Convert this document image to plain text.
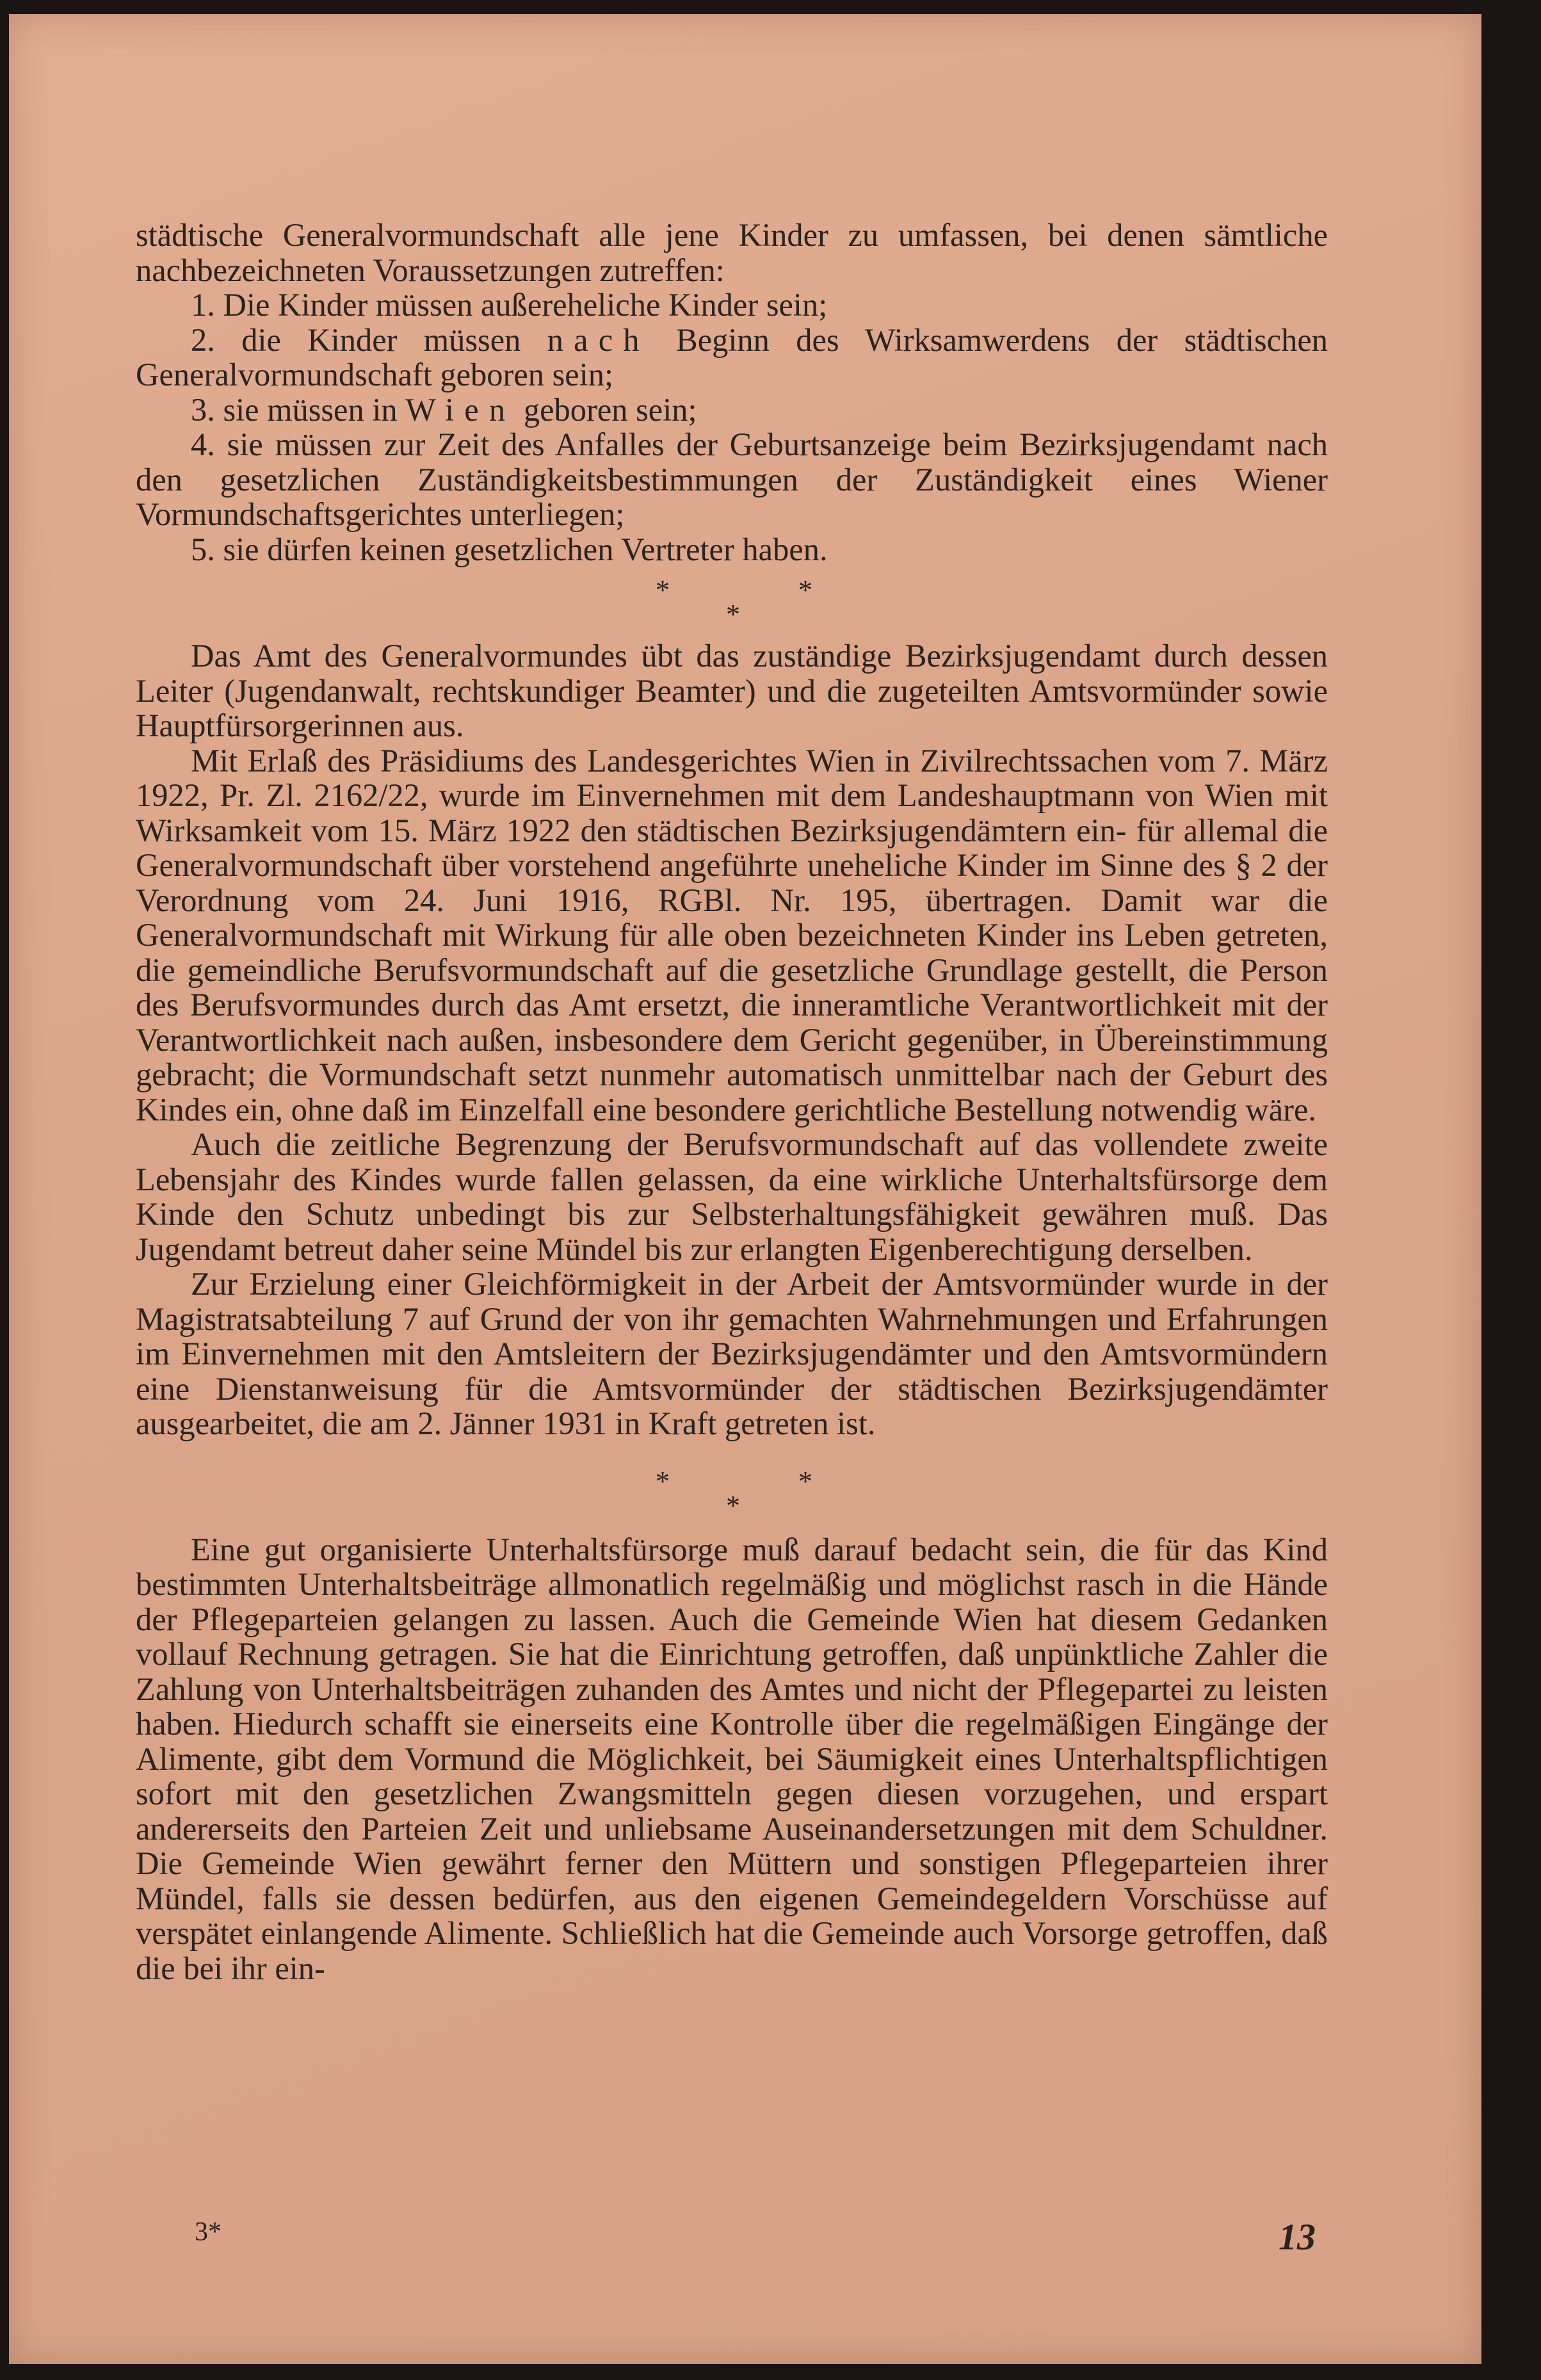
städtische Generalvormundschaft alle jene Kinder zu umfassen, bei denen sämtliche nachbezeichneten Voraussetzungen zutreffen:

1. Die Kinder müssen außereheliche Kinder sein;

2. die Kinder müssen nach Beginn des Wirksamwerdens der städtischen Generalvormundschaft geboren sein;

3. sie müssen in Wien geboren sein;

4. sie müssen zur Zeit des Anfalles der Geburtsanzeige beim Bezirksjugendamt nach den gesetzlichen Zuständigkeitsbestimmungen der Zuständigkeit eines Wiener Vormundschaftsgerichtes unterliegen;

5. sie dürfen keinen gesetzlichen Vertreter haben.

*	*
*

Das Amt des Generalvormundes übt das zuständige Bezirksjugendamt durch dessen Leiter (Jugendanwalt, rechtskundiger Beamter) und die zugeteilten Amtsvormünder sowie Hauptfürsorgerinnen aus.

Mit Erlaß des Präsidiums des Landesgerichtes Wien in Zivilrechtssachen vom 7. März 1922, Pr. Zl. 2162/22, wurde im Einvernehmen mit dem Landeshauptmann von Wien mit Wirksamkeit vom 15. März 1922 den städtischen Bezirksjugendämtern ein- für allemal die Generalvormundschaft über vorstehend angeführte uneheliche Kinder im Sinne des § 2 der Verordnung vom 24. Juni 1916, RGBl. Nr. 195, übertragen. Damit war die Generalvormundschaft mit Wirkung für alle oben bezeichneten Kinder ins Leben getreten, die gemeindliche Berufsvormundschaft auf die gesetzliche Grundlage gestellt, die Person des Berufsvormundes durch das Amt ersetzt, die inneramtliche Verantwortlichkeit mit der Verantwortlichkeit nach außen, insbesondere dem Gericht gegenüber, in Übereinstimmung gebracht; die Vormundschaft setzt nunmehr automatisch unmittelbar nach der Geburt des Kindes ein, ohne daß im Einzelfall eine besondere gerichtliche Bestellung notwendig wäre.

Auch die zeitliche Begrenzung der Berufsvormundschaft auf das vollendete zweite Lebensjahr des Kindes wurde fallen gelassen, da eine wirkliche Unterhaltsfürsorge dem Kinde den Schutz unbedingt bis zur Selbsterhaltungsfähigkeit gewähren muß. Das Jugendamt betreut daher seine Mündel bis zur erlangten Eigenberechtigung derselben.

Zur Erzielung einer Gleichförmigkeit in der Arbeit der Amtsvormünder wurde in der Magistratsabteilung 7 auf Grund der von ihr gemachten Wahrnehmungen und Erfahrungen im Einvernehmen mit den Amtsleitern der Bezirksjugendämter und den Amtsvormündern eine Dienstanweisung für die Amtsvormünder der städtischen Bezirksjugendämter ausgearbeitet, die am 2. Jänner 1931 in Kraft getreten ist.

*	*
*

Eine gut organisierte Unterhaltsfürsorge muß darauf bedacht sein, die für das Kind bestimmten Unterhaltsbeiträge allmonatlich regelmäßig und möglichst rasch in die Hände der Pflegeparteien gelangen zu lassen. Auch die Gemeinde Wien hat diesem Gedanken vollauf Rechnung getragen. Sie hat die Einrichtung getroffen, daß unpünktliche Zahler die Zahlung von Unterhaltsbeiträgen zuhanden des Amtes und nicht der Pflegepartei zu leisten haben. Hiedurch schafft sie einerseits eine Kontrolle über die regelmäßigen Eingänge der Alimente, gibt dem Vormund die Möglichkeit, bei Säumigkeit eines Unterhaltspflichtigen sofort mit den gesetzlichen Zwangsmitteln gegen diesen vorzugehen, und erspart andererseits den Parteien Zeit und unliebsame Auseinandersetzungen mit dem Schuldner. Die Gemeinde Wien gewährt ferner den Müttern und sonstigen Pflegeparteien ihrer Mündel, falls sie dessen bedürfen, aus den eigenen Gemeindegeldern Vorschüsse auf verspätet einlangende Alimente. Schließlich hat die Gemeinde auch Vorsorge getroffen, daß die bei ihr ein-

3*	13
